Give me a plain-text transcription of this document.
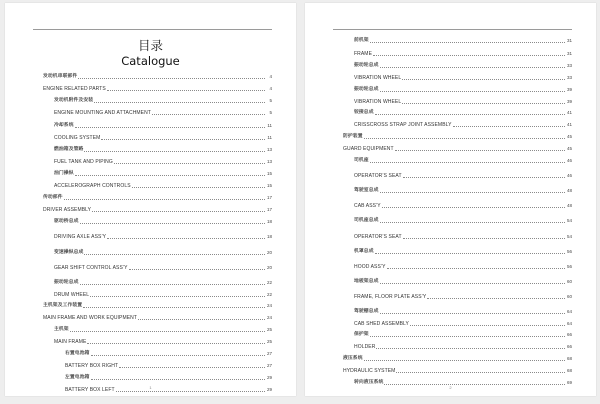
目录
Catalogue
发动机串联部件	4
ENGINE RELATED PARTS	4
发动机附件及安装	5
ENGINE MOUNTING AND ATTACHMENT	5
冷却系统	11
COOLING SYSTEM	11
燃油箱及管路	13
FUEL TANK AND PIPING	13
油门操纵	15
ACCELEROGRAPH CONTROLS	15
传动部件	17
DRIVER ASSEMBLY	17
驱动桥总成	18
DRIVING AXLE ASS’Y	18
变速操纵总成	20
GEAR SHIFT CONTROL ASS’Y	20
振动轮总成	22
DRUM WHEEL	22
主机架及工作装置	24
MAIN FRAME AND WORK EQUIPMENT	24
主机架	25
MAIN FRAME	25
右置电池箱	27
BATTERY BOX RIGHT	27
左置电池箱	29
BATTERY BOX LEFT	29
1
前机架	31
FRAME	31
振动轮总成	33
VIBRATION WHEEL	33
振动轮总成	39
VIBRATION WHEEL	39
铰接总成	41
CRISSCROSS STRAP JOINT ASSEMBLY	41
防护装置	45
GUARD EQUIPMENT	45
司机座	46
OPERATOR’S SEAT	46
驾驶室总成	48
CAB ASS’Y	48
司机座总成	54
OPERATOR’S SEAT	54
机罩总成	56
HOOD ASS’Y	56
地板架总成	60
FRAME, FLOOR PLATE ASS’Y	60
驾驶棚总成	64
CAB SHED ASSEMBLY	64
保护架	66
HOLDER	66
液压系统	68
HYDRAULIC SYSTEM	68
转向液压系统	69
2
